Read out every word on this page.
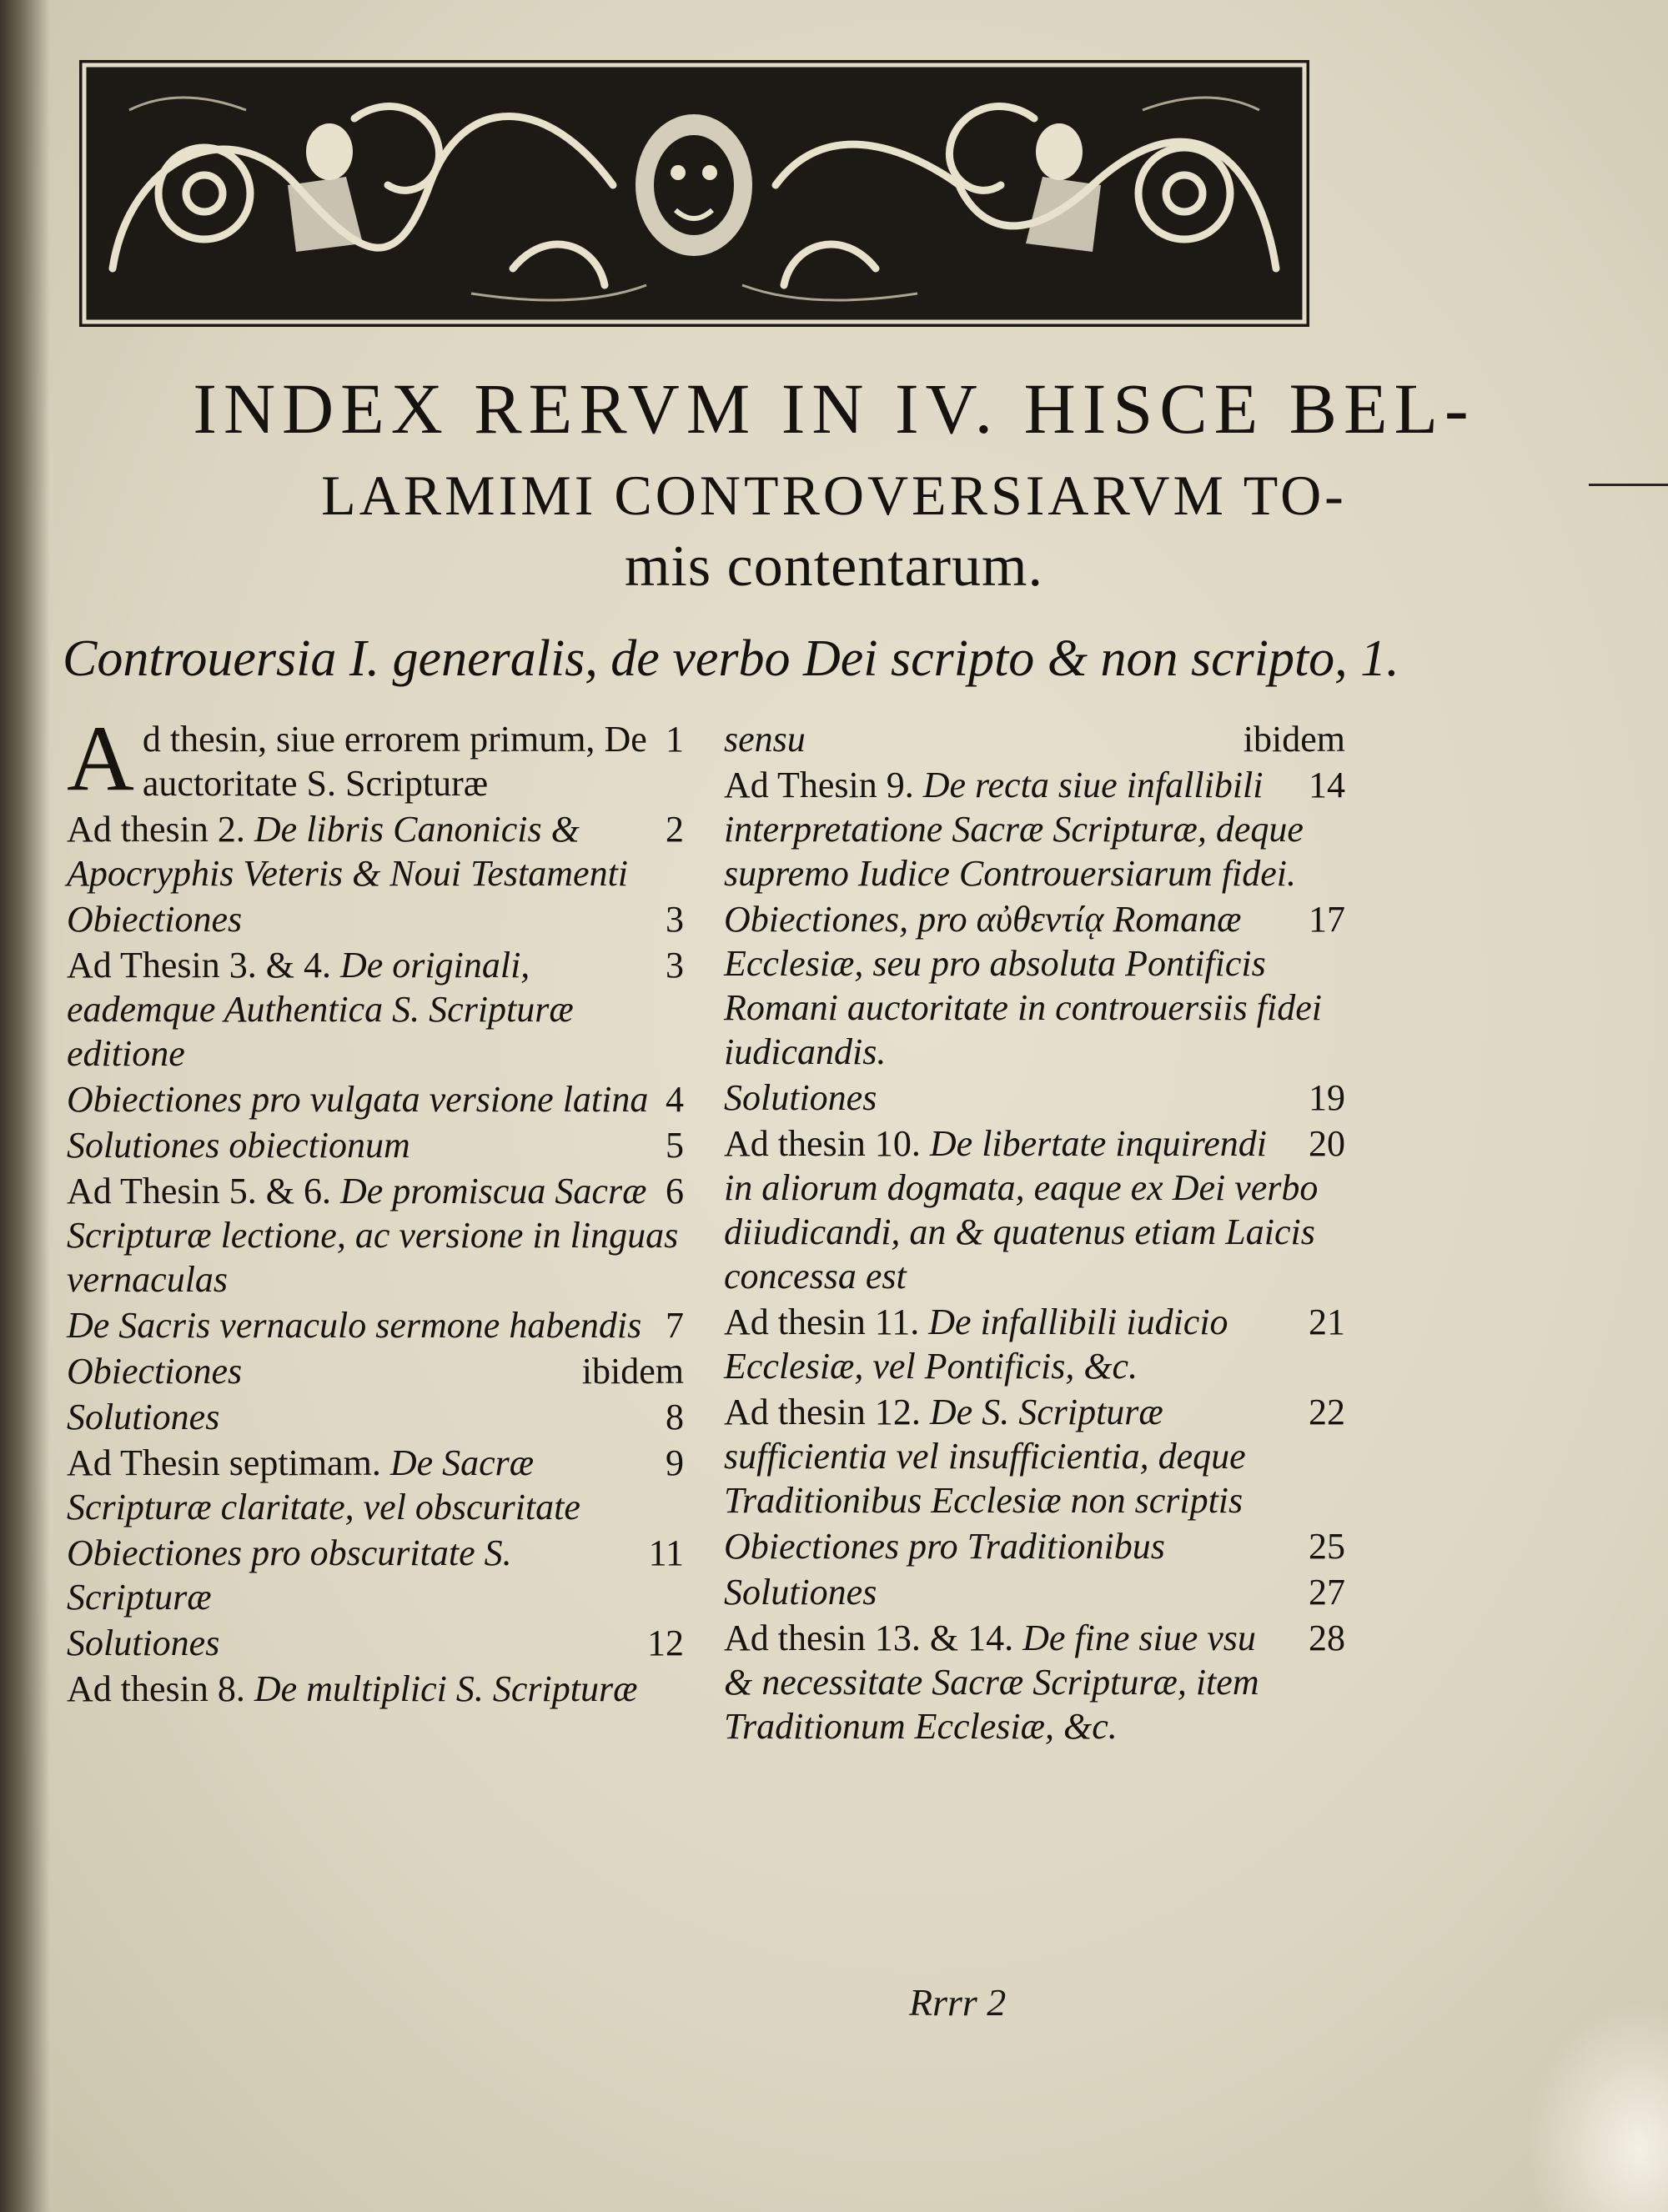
INDEX RERVM IN IV. HISCE BEL-
LARMIMI CONTROVERSIARVM TO-
mis contentarum.
Controuersia I. generalis, de verbo Dei scripto & non scripto, 1.
1
A d thesin, siue errorem primum, De auctoritate S. Scripturæ
2
Ad thesin 2. De libris Canonicis & Apocryphis Veteris & Noui Testamenti
3
Obiectiones
3
Ad Thesin 3. & 4. De originali, eademque Authentica S. Scripturæ editione
4
Obiectiones pro vulgata versione latina
5
Solutiones obiectionum
6
Ad Thesin 5. & 6. De promiscua Sacræ Scripturæ lectione, ac versione in linguas vernaculas
7
De Sacris vernaculo sermone habendis
ibidem
Obiectiones
8
Solutiones
9
Ad Thesin septimam. De Sacræ Scripturæ claritate, vel obscuritate
11
Obiectiones pro obscuritate S. Scripturæ
12
Solutiones
Ad thesin 8. De multiplici S. Scripturæ
ibidem
sensu
14
Ad Thesin 9. De recta siue infallibili interpretatione Sacræ Scripturæ, deque supremo Iudice Controuersiarum fidei.
17
Obiectiones, pro αὐθεντίᾳ Romanæ Ecclesiæ, seu pro absoluta Pontificis Romani auctoritate in controuersiis fidei iudicandis.
19
Solutiones
20
Ad thesin 10. De libertate inquirendi in aliorum dogmata, eaque ex Dei verbo diiudicandi, an & quatenus etiam Laicis concessa est
21
Ad thesin 11. De infallibili iudicio Ecclesiæ, vel Pontificis, &c.
22
Ad thesin 12. De S. Scripturæ sufficientia vel insufficientia, deque Traditionibus Ecclesiæ non scriptis
25
Obiectiones pro Traditionibus
27
Solutiones
28
Ad thesin 13. & 14. De fine siue vsu & necessitate Sacræ Scripturæ, item Traditionum Ecclesiæ, &c.
Rrrr 2
